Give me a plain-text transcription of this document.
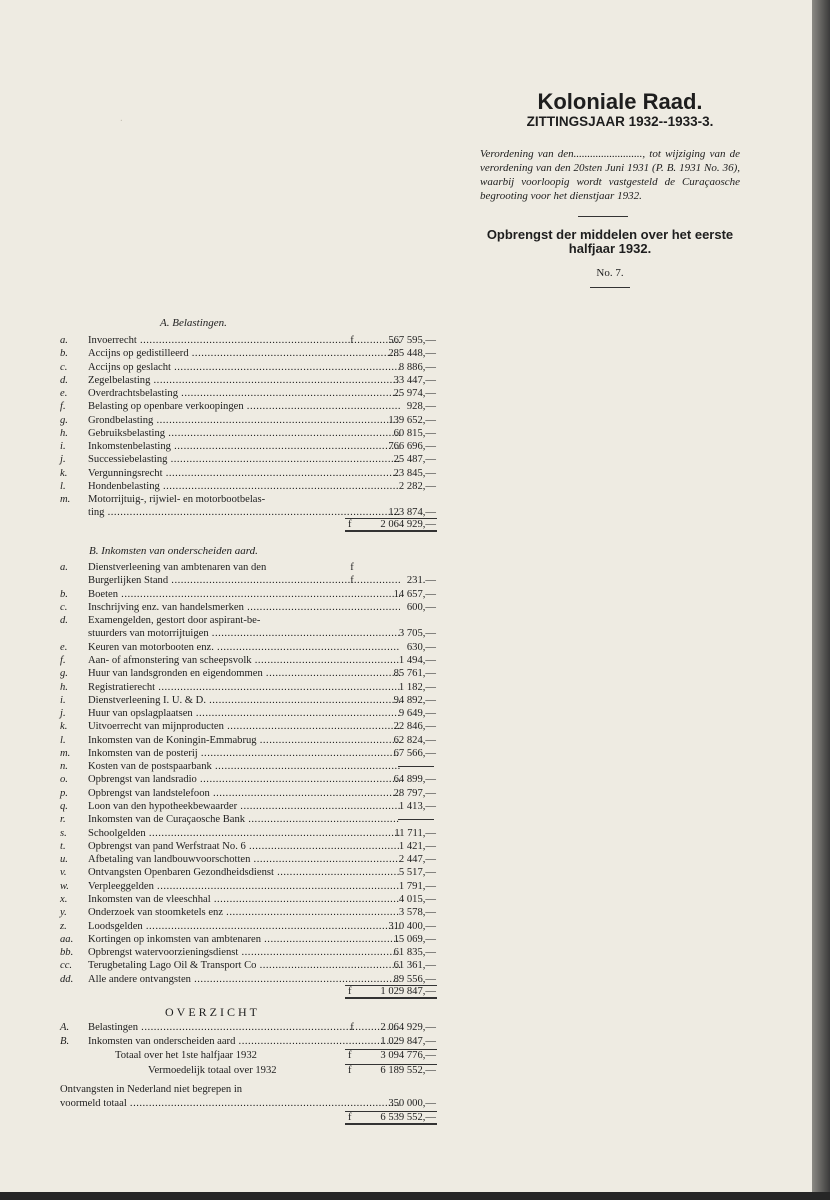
.
Koloniale Raad.
ZITTINGSJAAR 1932--1933-3.
Verordening van den........................., tot wijziging van de verordening van den 20sten Juni 1931 (P. B. 1931 No. 36), waarbij voorloopig wordt vastgesteld de Curaçaosche begrooting voor het dienstjaar 1932.
Opbrengst der middelen over het eerste halfjaar 1932.
No. 7.
A. Belastingen.
a.	Invoerrecht .....	f	567 595,—
b.	Accijns op gedistilleerd .....	285 448,—
c.	Accijns op geslacht .....	8 886,—
d.	Zegelbelasting .....	33 447,—
e.	Overdrachtsbelasting .....	25 974,—
f.	Belasting op openbare verkoopingen .....	928,—
g.	Grondbelasting .....	139 652,—
h.	Gebruiksbelasting .....	60 815,—
i.	Inkomstenbelasting .....	766 696,—
j.	Successiebelasting .....	25 487,—
k.	Vergunningsrecht .....	23 845,—
l.	Hondenbelasting .....	2 282,—
m.	Motorrijtuig-, rijwiel- en motorbootbelas-
ting .....	123 874,—
f	2 064 929,—
B. Inkomsten van onderscheiden aard.
a.	Dienstverleening van ambtenaren van den	f
Burgerlijken Stand .....	f	231.—
b.	Boeten .....	14 657,—
c.	Inschrijving enz. van handelsmerken .....	600,—
d.	Examengelden, gestort door aspirant-be-
stuurders van motorrijtuigen .....	3 705,—
e.	Keuren van motorbooten enz. .....	630,—
f.	Aan- of afmonstering van scheepsvolk .....	1 494,—
g.	Huur van landsgronden en eigendommen .....	85 761,—
h.	Registratierecht .....	1 182,—
i.	Dienstverleening I. U. & D. .....	94 892,—
j.	Huur van opslagplaatsen .....	9 649,—
k.	Uitvoerrecht van mijnproducten .....	22 846,—
l.	Inkomsten van de Koningin-Emmabrug .....	62 824,—
m.	Inkomsten van de posterij .....	67 566,—
n.	Kosten van de postspaarbank .....
o.	Opbrengst van landsradio .....	64 899,—
p.	Opbrengst van landstelefoon .....	28 797,—
q.	Loon van den hypotheekbewaarder .....	1 413,—
r.	Inkomsten van de Curaçaosche Bank .....
s.	Schoolgelden .....	11 711,—
t.	Opbrengst van pand Werfstraat No. 6 .....	1 421,—
u.	Afbetaling van landbouwvoorschotten .....	2 447,—
v.	Ontvangsten Openbaren Gezondheidsdienst .....	5 517,—
w.	Verpleeggelden .....	1 791,—
x.	Inkomsten van de vleeschhal .....	4 015,—
y.	Onderzoek van stoomketels enz .....	3 578,—
z.	Loodsgelden .....	310 400,—
aa.	Kortingen op inkomsten van ambtenaren .....	15 069,—
bb.	Opbrengst watervoorzieningsdienst .....	61 835,—
cc.	Terugbetaling Lago Oil & Transport Co .....	61 361,—
dd.	Alle andere ontvangsten .....	89 556,—
f	1 029 847,—
OVERZICHT
A.	Belastingen .....	f	2 064 929,—
B.	Inkomsten van onderscheiden aard .....	1 029 847,—
Totaal over het 1ste halfjaar 1932	f	3 094 776,—
Vermoedelijk totaal over 1932	f	6 189 552,—
Ontvangsten in Nederland niet begrepen in
voormeld totaal .....	350 000,—
f	6 539 552,—
